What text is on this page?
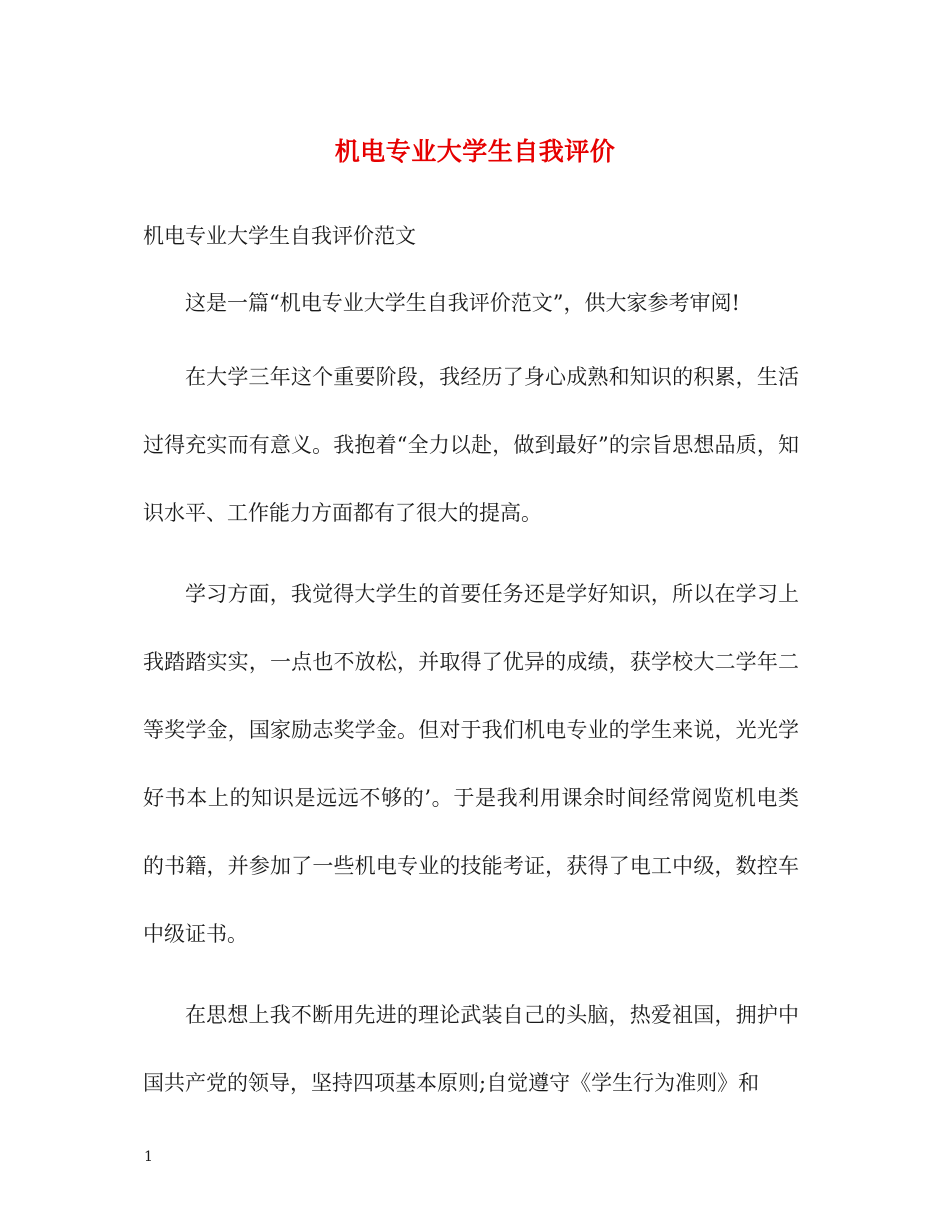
机电专业大学生自我评价
机电专业大学生自我评价范文

这是一篇“机电专业大学生自我评价范文”，供大家参考审阅!

在大学三年这个重要阶段，我经历了身心成熟和知识的积累，生活过得充实而有意义。我抱着“全力以赴，做到最好”的宗旨思想品质，知识水平、工作能力方面都有了很大的提高。

学习方面，我觉得大学生的首要任务还是学好知识，所以在学习上我踏踏实实，一点也不放松，并取得了优异的成绩，获学校大二学年二等奖学金，国家励志奖学金。但对于我们机电专业的学生来说，光光学好书本上的知识是远远不够的’。于是我利用课余时间经常阅览机电类的书籍，并参加了一些机电专业的技能考证，获得了电工中级，数控车中级证书。

在思想上我不断用先进的理论武装自己的头脑，热爱祖国，拥护中国共产党的领导，坚持四项基本原则;自觉遵守《学生行为准则》和

1
